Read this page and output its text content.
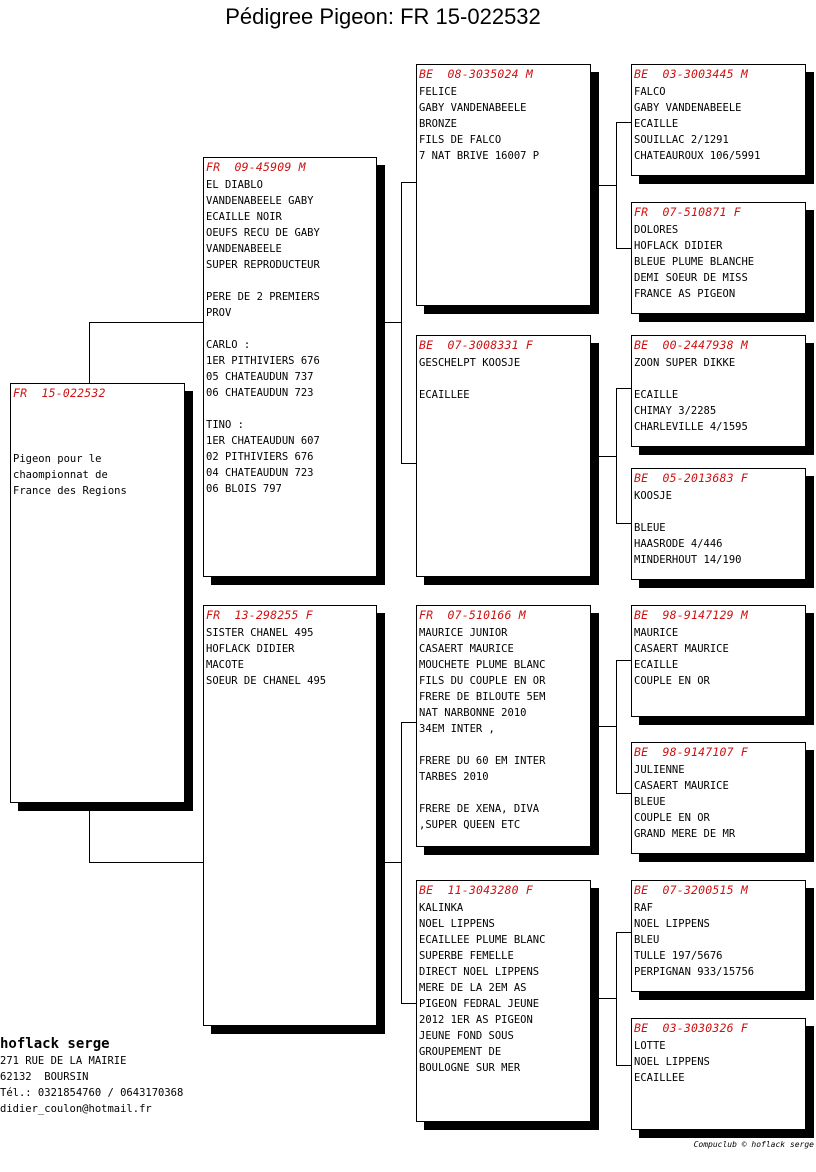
Pédigree Pigeon: FR 15-022532
FR  15-022532
Pigeon pour le
chaompionnat de
France des Regions
FR  09-45909 M
EL DIABLO
VANDENABEELE GABY
ECAILLE NOIR
OEUFS RECU DE GABY
VANDENABEELE
SUPER REPRODUCTEUR
PERE DE 2 PREMIERS
PROV
CARLO :
1ER PITHIVIERS 676
05 CHATEAUDUN 737
06 CHATEAUDUN 723
TINO :
1ER CHATEAUDUN 607
02 PITHIVIERS 676
04 CHATEAUDUN 723
06 BLOIS 797
FR  13-298255 F
SISTER CHANEL 495
HOFLACK DIDIER
MACOTE
SOEUR DE CHANEL 495
BE  08-3035024 M
FELICE
GABY VANDENABEELE
BRONZE
FILS DE FALCO
7 NAT BRIVE 16007 P
BE  07-3008331 F
GESCHELPT KOOSJE
ECAILLEE
FR  07-510166 M
MAURICE JUNIOR
CASAERT MAURICE
MOUCHETE PLUME BLANC
FILS DU COUPLE EN OR
FRERE DE BILOUTE 5EM
NAT NARBONNE 2010
34EM INTER ,
FRERE DU 60 EM INTER
TARBES 2010
FRERE DE XENA, DIVA
,SUPER QUEEN ETC
BE  11-3043280 F
KALINKA
NOEL LIPPENS
ECAILLEE PLUME BLANC
SUPERBE FEMELLE
DIRECT NOEL LIPPENS
MERE DE LA 2EM AS
PIGEON FEDRAL JEUNE
2012 1ER AS PIGEON
JEUNE FOND SOUS
GROUPEMENT DE
BOULOGNE SUR MER
BE  03-3003445 M
FALCO
GABY VANDENABEELE
ECAILLE
SOUILLAC 2/1291
CHATEAUROUX 106/5991
FR  07-510871 F
DOLORES
HOFLACK DIDIER
BLEUE PLUME BLANCHE
DEMI SOEUR DE MISS
FRANCE AS PIGEON
BE  00-2447938 M
ZOON SUPER DIKKE
ECAILLE
CHIMAY 3/2285
CHARLEVILLE 4/1595
BE  05-2013683 F
KOOSJE
BLEUE
HAASRODE 4/446
MINDERHOUT 14/190
BE  98-9147129 M
MAURICE
CASAERT MAURICE
ECAILLE
COUPLE EN OR
BE  98-9147107 F
JULIENNE
CASAERT MAURICE
BLEUE
COUPLE EN OR
GRAND MERE DE MR
BE  07-3200515 M
RAF
NOEL LIPPENS
BLEU
TULLE 197/5676
PERPIGNAN 933/15756
BE  03-3030326 F
LOTTE
NOEL LIPPENS
ECAILLEE
hoflack serge
271 RUE DE LA MAIRIE
62132  BOURSIN
Tél.: 0321854760 / 0643170368
didier_coulon@hotmail.fr
Compuclub © hoflack serge
